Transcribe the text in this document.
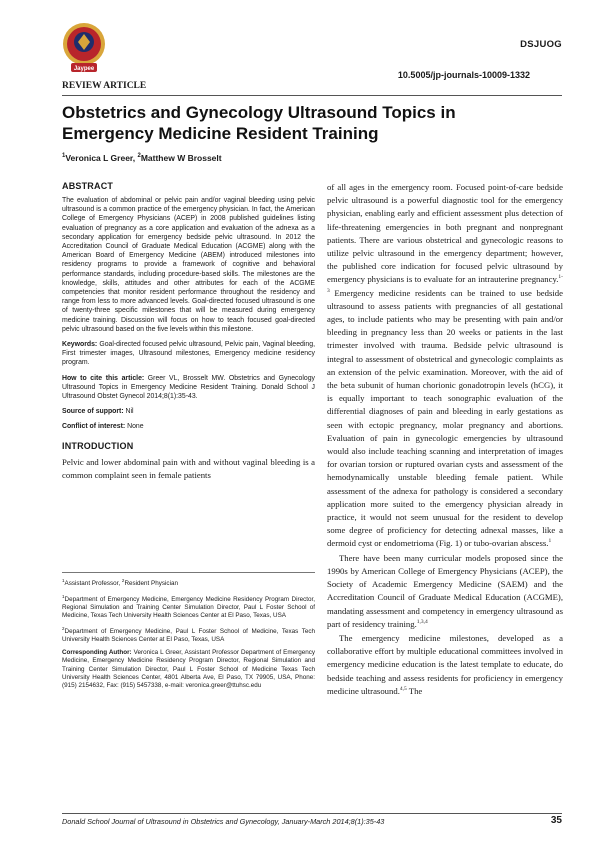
Jaypee
DSJUOG
10.5005/jp-journals-10009-1332
REVIEW ARTICLE
Obstetrics and Gynecology Ultrasound Topics in Emergency Medicine Resident Training
$^1$Veronica L Greer, $^2$Matthew W Brosselt
ABSTRACT

The evaluation of abdominal or pelvic pain and/or vaginal bleeding using pelvic ultrasound is a common practice of the emergency physician. In fact, the American College of Emergency Physicians (ACEP) in 2008 published guidelines listing evaluation of pregnancy as a core application and evaluation of the adnexa as a secondary application for emergency bedside pelvic ultrasound. In 2012 the Accreditation Council of Graduate Medical Education (ACGME) along with the American Board of Emergency Medicine (ABEM) introduced milestones into residency programs to provide a framework of cognitive and behavioral performance standards, including procedure-based skills. The milestones are the knowledge, skills, attitudes and other attributes for each of the ACGME competencies that monitor resident performance throughout the residency and range from less to more advanced levels. Goal-directed focused ultrasound is one of twenty-three specific milestones that will be measured during emergency medicine training. Discussion will focus on how to teach focused goal-directed pelvic ultrasound based on the five levels within this milestone.

Keywords: Goal-directed focused pelvic ultrasound, Pelvic pain, Vaginal bleeding, First trimester images, Ultrasound milestones, Emergency medicine residency program.

How to cite this article: Greer VL, Brosselt MW. Obstetrics and Gynecology Ultrasound Topics in Emergency Medicine Resident Training. Donald School J Ultrasound Obstet Gynecol 2014;8(1):35-43.

Source of support: Nil

Conflict of interest: None

INTRODUCTION

Pelvic and lower abdominal pain with and without vaginal bleeding is a common complaint seen in female patients

$^1$Assistant Professor, $^2$Resident Physician

$^1$Department of Emergency Medicine, Emergency Medicine Residency Program Director, Regional Simulation and Training Center Simulation Director, Paul L Foster School of Medicine, Texas Tech University Health Sciences Center at El Paso, Texas, USA

$^2$Department of Emergency Medicine, Paul L Foster School of Medicine, Texas Tech University Health Sciences Center at El Paso, Texas, USA

Corresponding Author: Veronica L Greer, Assistant Professor Department of Emergency Medicine, Emergency Medicine Residency Program Director, Regional Simulation and Training Center Simulation Director, Paul L Foster School of Medicine Texas Tech University Health Sciences Center, 4801 Alberta Ave, El Paso, TX 79905, USA, Phone: (915) 2154632, Fax: (915) 5457338, e-mail: veronica.greer@ttuhsc.edu

of all ages in the emergency room. Focused point-of-care bedside pelvic ultrasound is a powerful diagnostic tool for the emergency physician, enabling early and efficient assessment plus detection of life-threatening emergencies in both pregnant and nonpregnant patients. There are various obstetrical and gynecologic reasons to utilize pelvic ultrasound in the emergency department; however, the published core indication for focused pelvic ultrasound by emergency physicians is to evaluate for an intrauterine pregnancy.$^{1-3}$ Emergency medicine residents can be trained to use bedside ultrasound to assess patients with pregnancies of all gestational ages, to include patients who may be presenting with pain and/or bleeding in pregnancy less than 20 weeks or patients in the last trimester involved with trauma. Bedside pelvic ultrasound is integral to assessment of obstetrical and gynecologic complaints as an extension of the pelvic examination. Moreover, with the aid of the beta subunit of human chorionic gonadotropin levels (hCG), it is equally important to teach sonographic evaluation of the differential diagnoses of pain and bleeding in early gestations as seen with ectopic pregnancy, molar pregnancy and abortions. Evaluation of pain in gynecologic emergencies by ultrasound would also include teaching scanning and interpretation of images for ovarian torsion or ruptured ovarian cysts and assessment of the hemodynamically unstable bleeding female patient. While assessment of the adnexa for pathology is considered a secondary application more suited to the emergency physician already in practice, it would not seem unusual for the resident to develop some degree of proficiency for detecting adnexal masses, like a dermoid cyst or endometrioma (Fig. 1) or tubo-ovarian abscess.$^1$

There have been many curricular models proposed since the 1990s by American College of Emergency Physicians (ACEP), the Society of Academic Emergency Medicine (SAEM) and the Accreditation Council of Graduate Medical Education (ACGME), mandating assessment and competency in emergency ultrasound as part of residency training.$^{1,3,4}$

The emergency medicine milestones, developed as a collaborative effort by multiple educational committees involved in emergency medicine education is the latest template to educate, do bedside teaching and assess residents for proficiency in emergency medicine ultrasound.$^{4,5}$ The

Donald School Journal of Ultrasound in Obstetrics and Gynecology, January-March 2014;8(1):35-43	35
